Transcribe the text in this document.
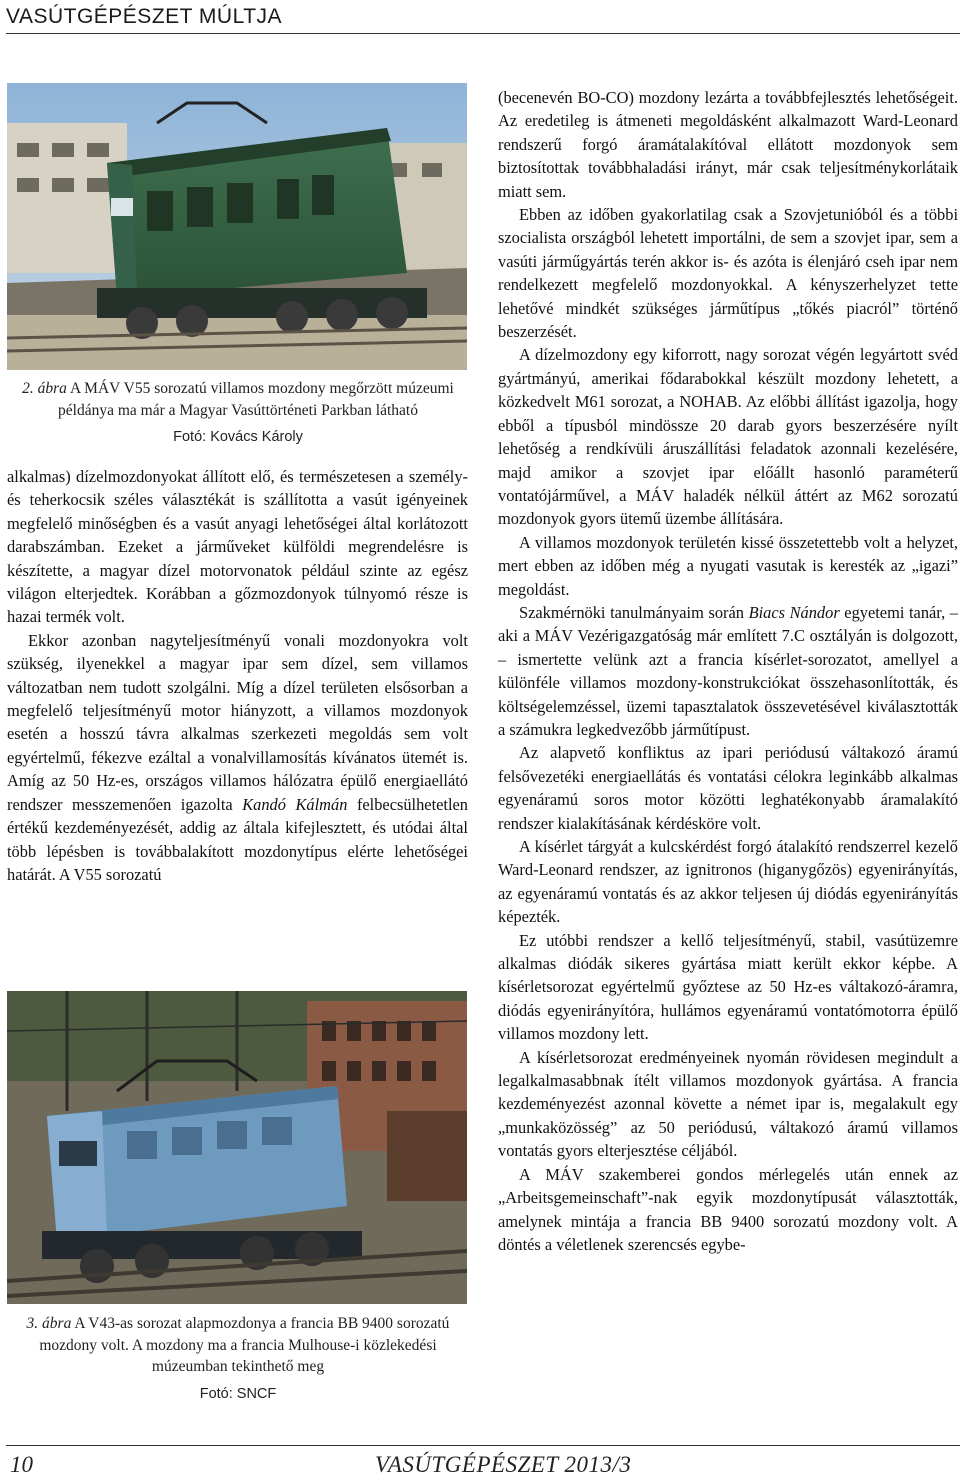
VASÚTGÉPÉSZET MÚLTJA
2. ábra A MÁV V55 sorozatú villamos mozdony megőrzött múzeumi példánya ma már a Magyar Vasúttörténeti Parkban látható
Fotó: Kovács Károly

alkalmas) dízelmozdonyokat állított elő, és természetesen a személy- és teherkocsik széles választékát is szállította a vasút igényeinek megfelelő minőségben és a vasút anyagi lehetőségei által korlátozott darabszámban. Ezeket a járműveket külföldi megrendelésre is készítette, a magyar dízel motorvonatok például szinte az egész világon elterjedtek. Korábban a gőzmozdonyok túlnyomó része is hazai termék volt.

Ekkor azonban nagyteljesítményű vonali mozdonyokra volt szükség, ilyenekkel a magyar ipar sem dízel, sem villamos változatban nem tudott szolgálni. Míg a dízel területen elsősorban a megfelelő teljesítményű motor hiányzott, a villamos mozdonyok esetén a hosszú távra alkalmas szerkezeti megoldás sem volt egyértelmű, fékezve ezáltal a vonalvillamosítás kívánatos ütemét is. Amíg az 50 Hz-es, országos villamos hálózatra épülő energiaellátó rendszer messzemenően igazolta Kandó Kálmán felbecsülhetetlen értékű kezdeményezését, addig az általa kifejlesztett, és utódai által több lépésben is továbbalakított mozdonytípus elérte lehetőségei határát. A V55 sorozatú

3. ábra A V43-as sorozat alapmozdonya a francia BB 9400 sorozatú mozdony volt. A mozdony ma a francia Mulhouse-i közlekedési múzeumban tekinthető meg
Fotó: SNCF

(becenevén BO-CO) mozdony lezárta a továbbfejlesztés lehetőségeit. Az eredetileg is átmeneti megoldásként alkalmazott Ward-Leonard rendszerű forgó áramátalakítóval ellátott mozdonyok sem biztosítottak továbbhaladási irányt, már csak teljesítménykorlátaik miatt sem.

Ebben az időben gyakorlatilag csak a Szovjetunióból és a többi szocialista országból lehetett importálni, de sem a szovjet ipar, sem a vasúti járműgyártás terén akkor is- és azóta is élenjáró cseh ipar nem rendelkezett megfelelő mozdonyokkal. A kényszerhelyzet tette lehetővé mindkét szükséges járműtípus „tőkés piacról” történő beszerzését.

A dízelmozdony egy kiforrott, nagy sorozat végén legyártott svéd gyártmányú, amerikai fődarabokkal készült mozdony lehetett, a közkedvelt M61 sorozat, a NOHAB. Az előbbi állítást igazolja, hogy ebből a típusból mindössze 20 darab gyors beszerzésére nyílt lehetőség a rendkívüli áruszállítási feladatok azonnali kezelésére, majd amikor a szovjet ipar előállt hasonló paraméterű vontatójárművel, a MÁV haladék nélkül áttért az M62 sorozatú mozdonyok gyors ütemű üzembe állítására.

A villamos mozdonyok területén kissé összetettebb volt a helyzet, mert ebben az időben még a nyugati vasutak is keresték az „igazi” megoldást.

Szakmérnöki tanulmányaim során Biacs Nándor egyetemi tanár, – aki a MÁV Vezérigazgatóság már említett 7.C osztályán is dolgozott, – ismertette velünk azt a francia kísérlet-sorozatot, amellyel a különféle villamos mozdony-konstrukciókat összehasonlították, és költségelemzéssel, üzemi tapasztalatok összevetésével kiválasztották a számukra legkedvezőbb járműtípust.

Az alapvető konfliktus az ipari periódusú váltakozó áramú felsővezetéki energiaellátás és vontatási célokra leginkább alkalmas egyenáramú soros motor közötti leghatékonyabb áramalakító rendszer kialakításának kérdésköre volt.

A kísérlet tárgyát a kulcskérdést forgó átalakító rendszerrel kezelő Ward-Leonard rendszer, az ignitronos (higanygőzös) egyenirányítás, az egyenáramú vontatás és az akkor teljesen új diódás egyenirányítás képezték.

Ez utóbbi rendszer a kellő teljesítményű, stabil, vasútüzemre alkalmas diódák sikeres gyártása miatt került ekkor képbe. A kísérletsorozat egyértelmű győztese az 50 Hz-es váltakozó-áramra, diódás egyenirányítóra, hullámos egyenáramú vontatómotorra épülő villamos mozdony lett.

A kísérletsorozat eredményeinek nyomán rövidesen megindult a legalkalmasabbnak ítélt villamos mozdonyok gyártása. A francia kezdeményezést azonnal követte a német ipar is, megalakult egy „munkaközösség” az 50 periódusú, váltakozó áramú villamos vontatás gyors elterjesztése céljából.

A MÁV szakemberei gondos mérlegelés után ennek az „Arbeitsgemeinschaft”-nak egyik mozdonytípusát választották, amelynek mintája a francia BB 9400 sorozatú mozdony volt. A döntés a véletlenek szerencsés egybe-

10	VASÚTGÉPÉSZET 2013/3
